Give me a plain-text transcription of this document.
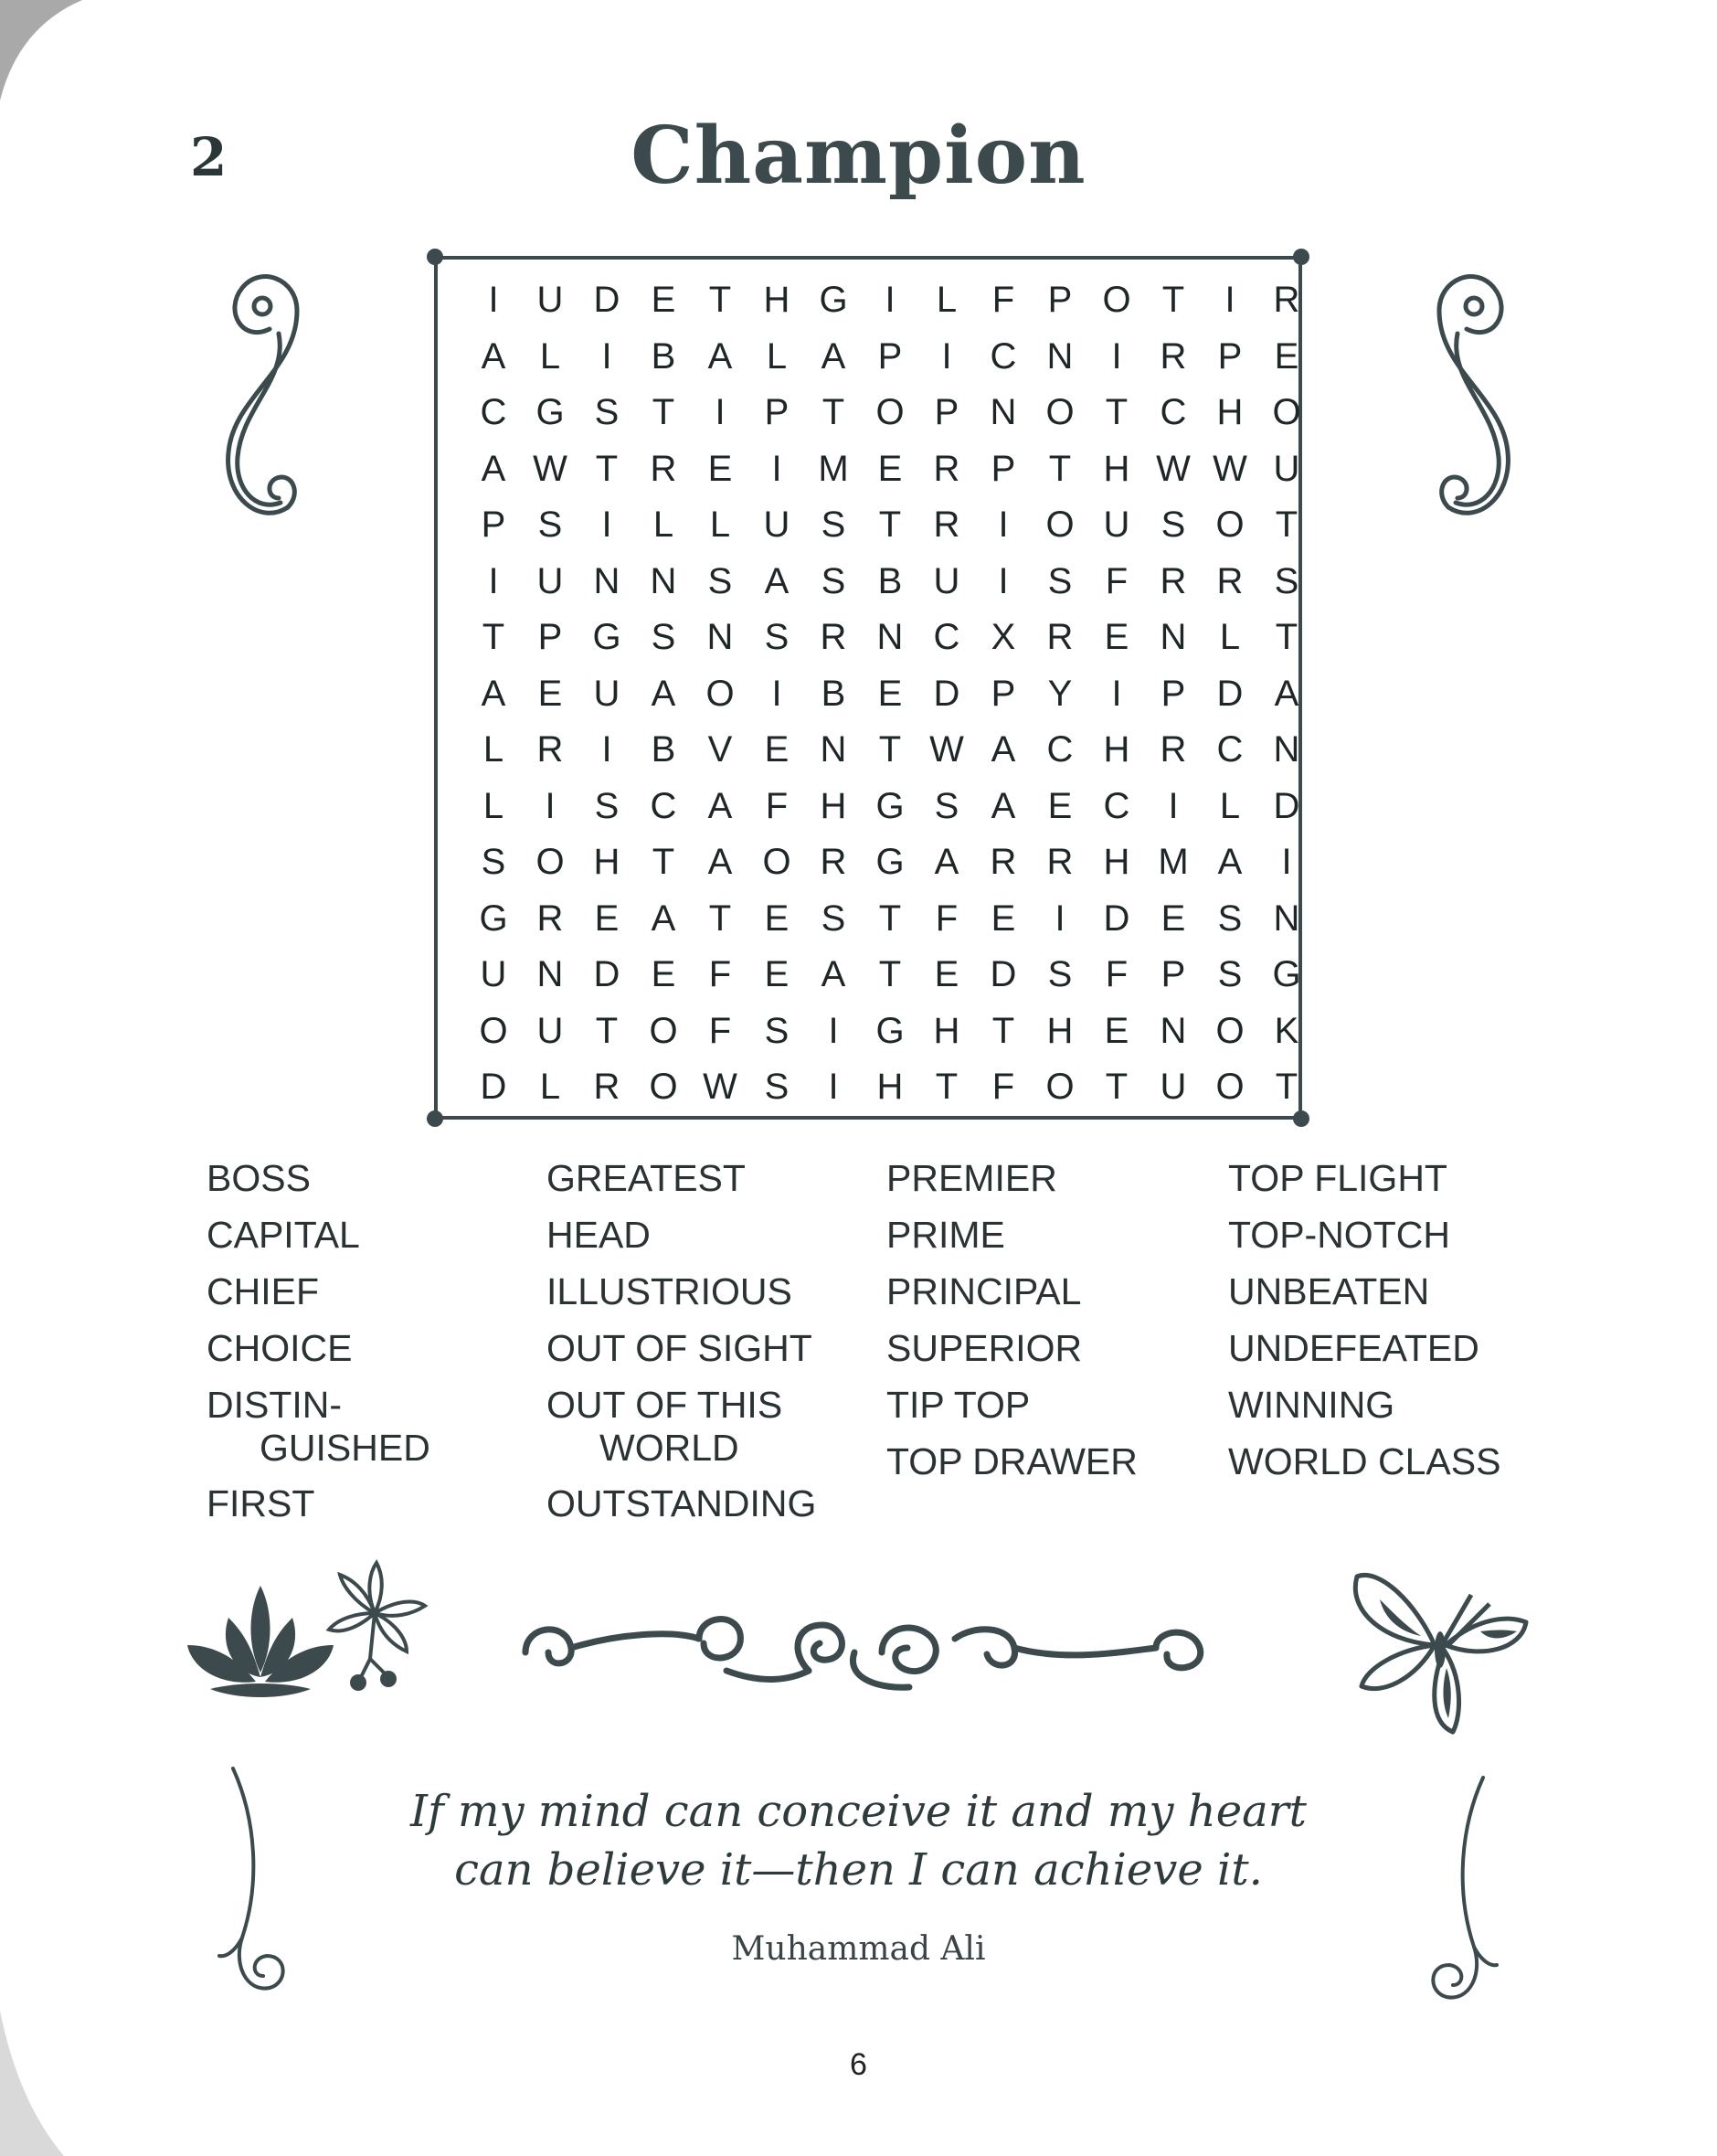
2	Champion
I	U D E T H G	I	L F P O T	I	R
A L	I	B A L A P	I	C N	I	R P E
C G S T	I	P T O P N O T C H O
A W T R E	I M E R P T H W W U
P S	I	L L U S T R	I	O U S O T
I	U N N S A S B U	I	S F R R S
T P G S N S R N C X R E N L T
A E U A O	I	B E D P Y	I	P D A
L R	I	B V E N T W A C H R C N
L	I	S C A F H G S A E C	I	L D
S O H T A O R G A R R H M A	I
G R E A T E S T F E	I	D E S N
U N D E F E A T E D S F P S G
O U T O F S	I	G H T H E N O K
D L R O W S	I	H T F O T U O T
BOSS
CAPITAL
CHIEF
CHOICE
DISTIN-
GUISHED
FIRST
GREATEST
HEAD
ILLUSTRIOUS
OUT OF SIGHT
OUT OF THIS
WORLD
OUTSTANDING
PREMIER
PRIME
PRINCIPAL
SUPERIOR
TIP TOP
TOP DRAWER
TOP FLIGHT
TOP-NOTCH
UNBEATEN
UNDEFEATED
WINNING
WORLD CLASS
If my mind can conceive it and my heart
can believe it—then I can achieve it.
Muhammad Ali
6
